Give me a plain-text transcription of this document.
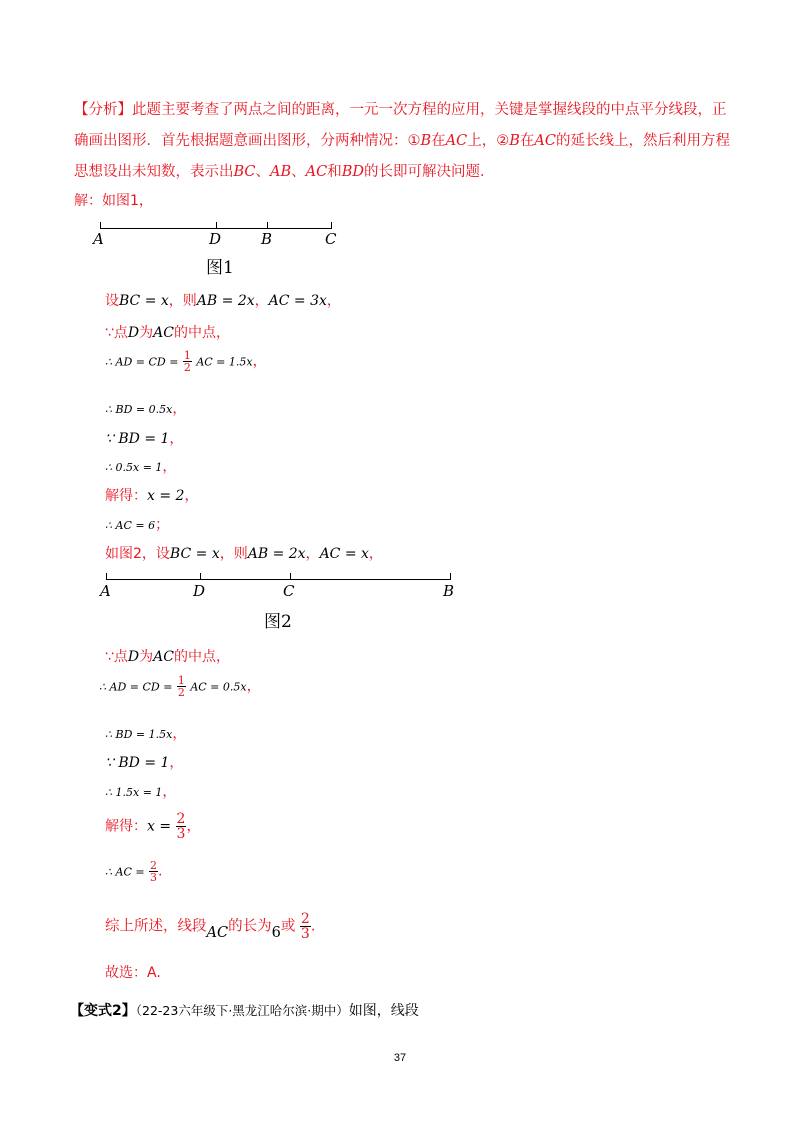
【分析】此题主要考查了两点之间的距离，一元一次方程的应用，关键是掌握线段的中点平分线段，正确画出图形．首先根据题意画出图形，分两种情况：①B在AC上，②B在AC的延长线上，然后利用方程思想设出未知数，表示出BC、AB、AC和BD的长即可解决问题．
解：如图1，
A	D	B	C
图1
设BC = x，则AB = 2x，AC = 3x，
∵点D为AC的中点，
∴ AD = CD = $\frac{1}{2}$ AC = 1.5x，
∴ BD = 0.5x，
∵ BD = 1，
∴ 0.5x = 1，
解得：x = 2，
∴ AC = 6；
如图2，设BC = x，则AB = 2x，AC = x，
A	D	C	B
图2
∵点D为AC的中点，
∴ AD = CD = $\frac{1}{2}$ AC = 0.5x，
∴ BD = 1.5x，
∵ BD = 1，
∴ 1.5x = 1，
解得：$x = \frac{2}{3}$ ，
∴ AC = $\frac{2}{3}$ .
综上所述，线段AC的长为6或 $\frac{2}{3}$ .
故选：A.
【变式2】（22-23六年级下·黑龙江哈尔滨·期中）如图，线段
37
